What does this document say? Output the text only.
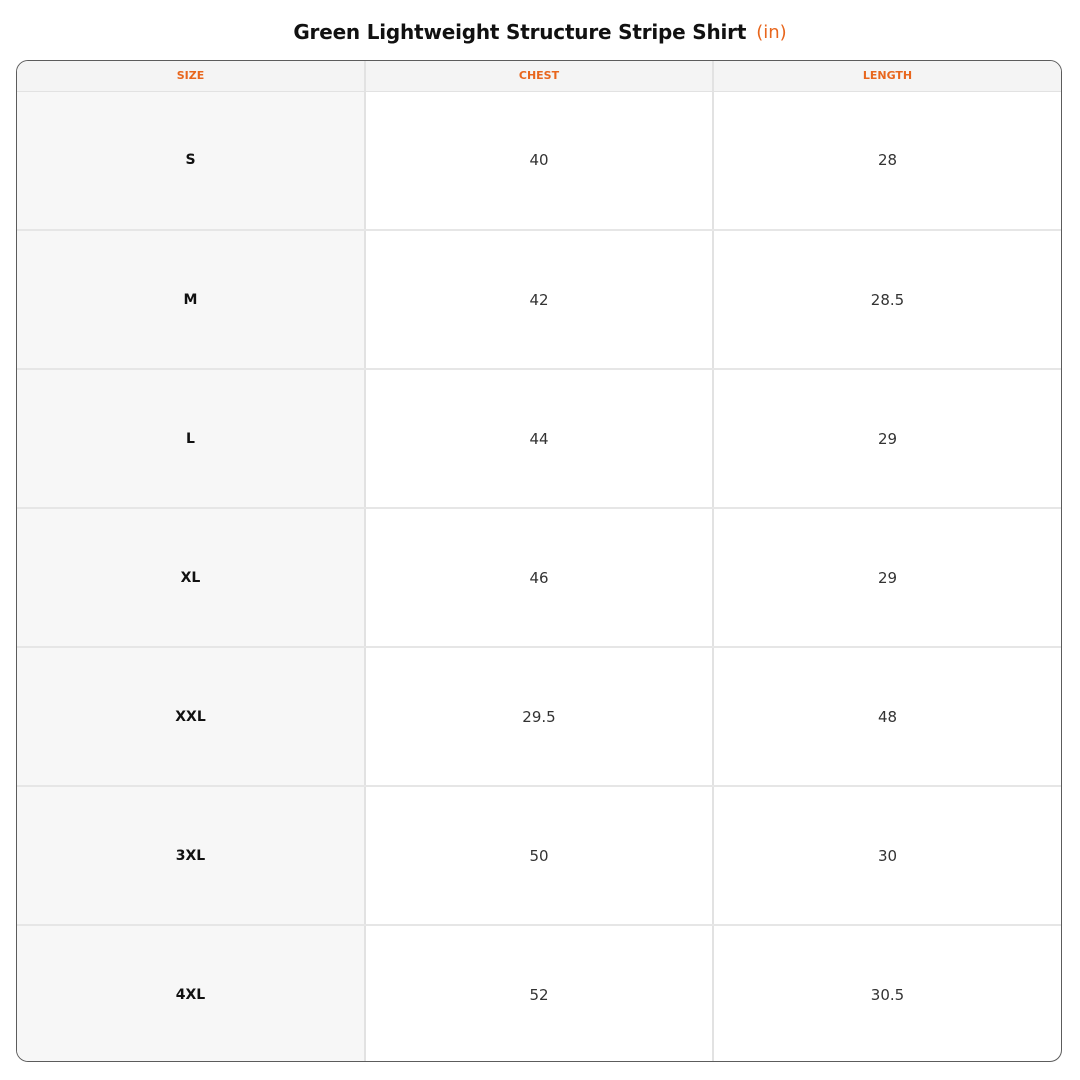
Green Lightweight Structure Stripe Shirt (in)
SIZE	CHEST	LENGTH
S	40	28
M	42	28.5
L	44	29
XL	46	29
XXL	29.5	48
3XL	50	30
4XL	52	30.5
